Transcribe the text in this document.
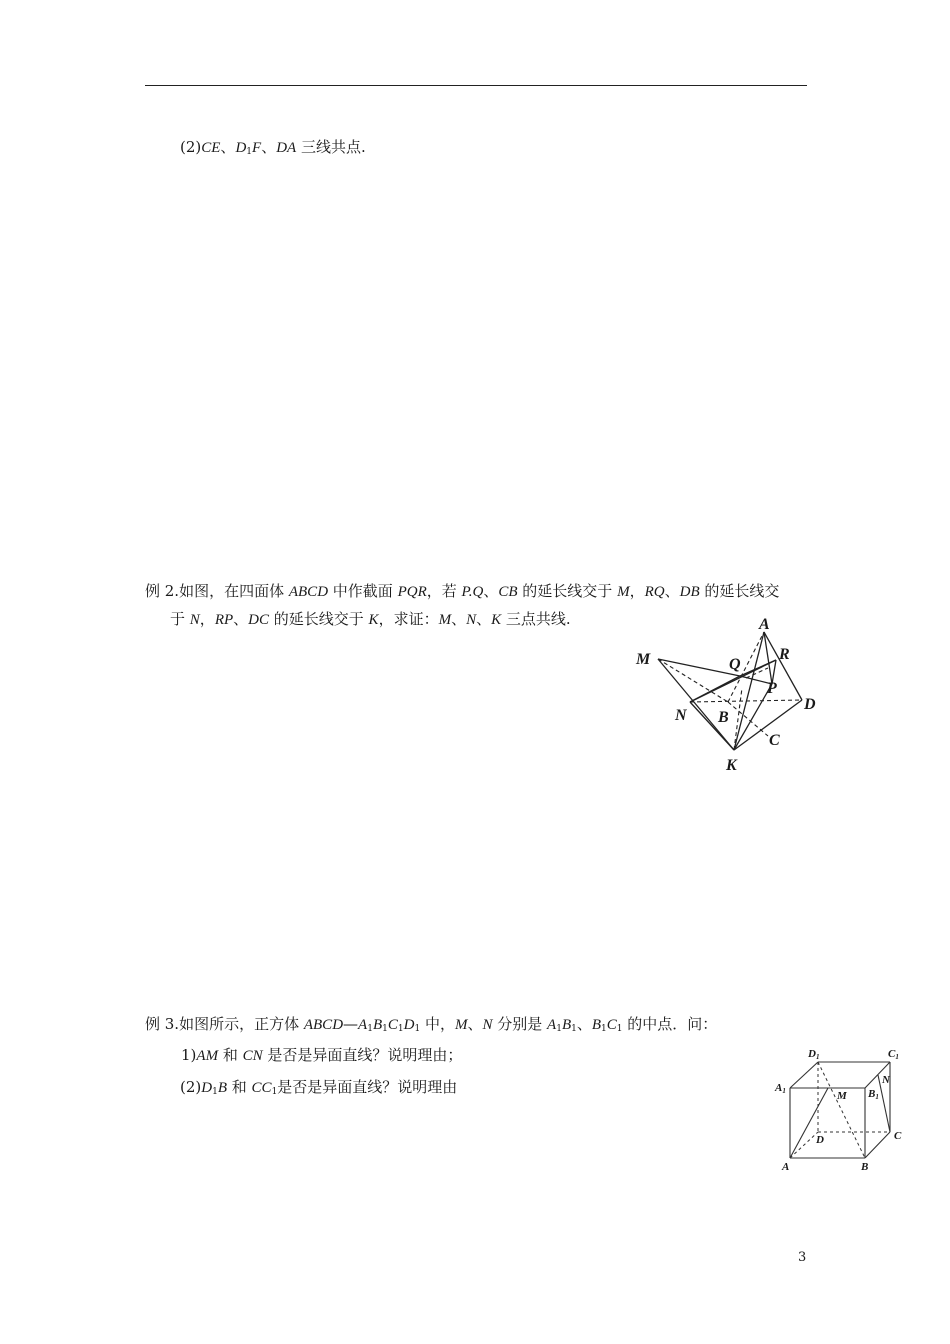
(2)CE、$D_1F$、DA 三线共点.
例 2.如图，在四面体 ABCD 中作截面 PQR，若 P.Q、CB 的延长线交于 M，RQ、DB 的延长线交
于 N，RP、DC 的延长线交于 K，求证：M、N、K 三点共线.	A
R
M	Q
P
D
N B
C
K
例 3.如图所示，正方体 $ABCD—A_1B_1C_1D_1$ 中，M、N 分别是 $A_1B_1$、$B_1C_1$ 的中点．问：
1)AM 和 CN 是否是异面直线？说明理由；
$(2)D_1B$ 和 $CC_1$是否是异面直线？说明理由
D1	C1
A1	B1
M
N
D	C
A	B
3
